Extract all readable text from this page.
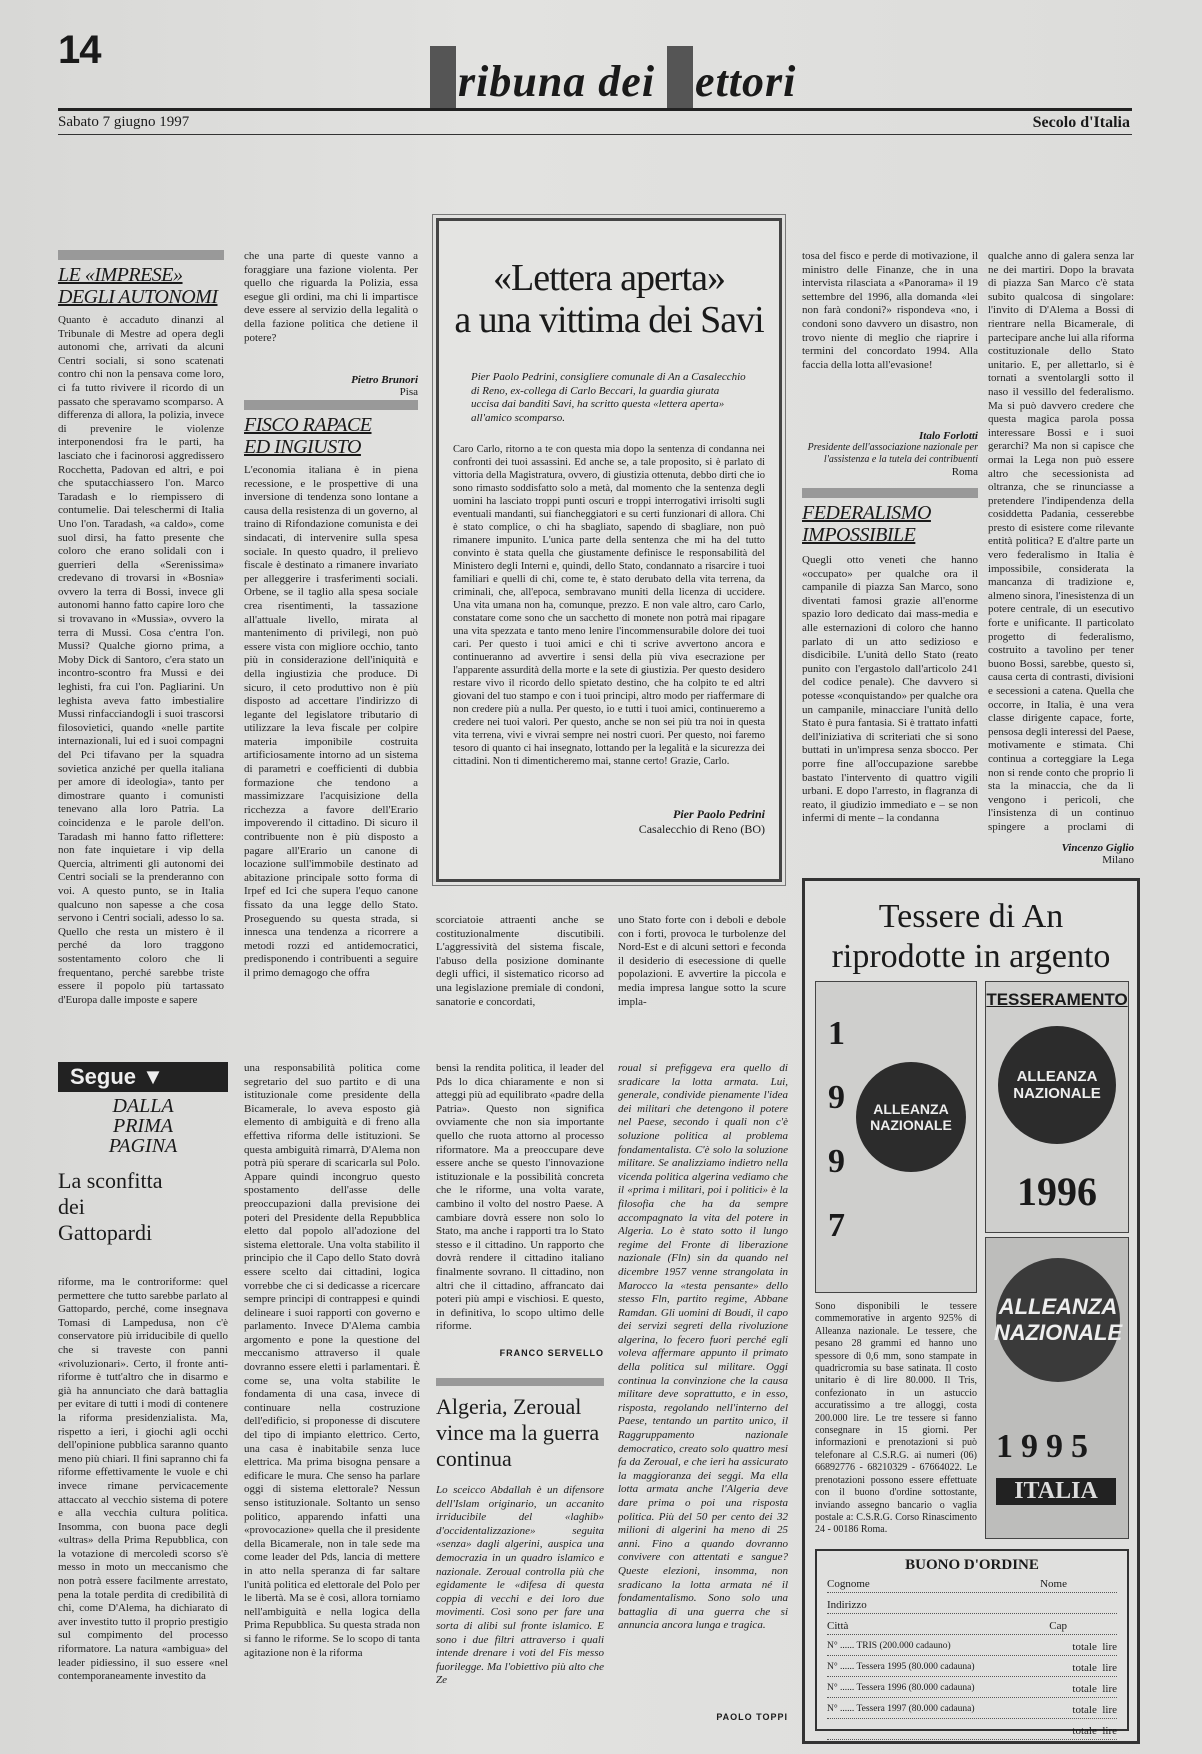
14
ribuna dei ettori
Sabato 7 giugno 1997	Secolo d'Italia
LE «IMPRESE»
DEGLI AUTONOMI
Quanto è accaduto dinanzi al Tribunale di Mestre ad opera degli autonomi che, arrivati da alcuni Centri sociali, si sono scatenati contro chi non la pensava come loro, ci fa tutto rivivere il ricordo di un passato che speravamo scomparso. A differenza di allora, la polizia, invece di prevenire le violenze interponendosi fra le parti, ha lasciato che i facinorosi aggredissero Rocchetta, Padovan ed altri, e poi che sputacchiassero l'on. Marco Taradash e lo riempissero di contumelie. Dai teleschermi di Italia Uno l'on. Taradash, «a caldo», come suol dirsi, ha fatto presente che coloro che erano solidali con i guerrieri della «Serenissima» credevano di trovarsi in «Bosnia» ovvero la terra di Bossi, invece gli autonomi hanno fatto capire loro che si trovavano in «Mussia», ovvero la terra di Mussi. Cosa c'entra l'on. Mussi? Qualche giorno prima, a Moby Dick di Santoro, c'era stato un incontro-scontro fra Mussi e dei leghisti, fra cui l'on. Pagliarini. Un leghista aveva fatto imbestialire Mussi rinfacciandogli i suoi trascorsi filosovietici, quando «nelle partite internazionali, lui ed i suoi compagni del Pci tifavano per la squadra sovietica anziché per quella italiana per amore di ideologia», tanto per dimostrare quanto i comunisti tenevano alla loro Patria. La coincidenza e le parole dell'on. Taradash mi hanno fatto riflettere: non fate inquietare i vip della Quercia, altrimenti gli autonomi dei Centri sociali se la prenderanno con voi. A questo punto, se in Italia qualcuno non sapesse a che cosa servono i Centri sociali, adesso lo sa. Quello che resta un mistero è il perché da loro traggono sostentamento coloro che li frequentano, perché sarebbe triste essere il popolo più tartassato d'Europa dalle imposte e sapere
che una parte di queste vanno a foraggiare una fazione violenta. Per quello che riguarda la Polizia, essa esegue gli ordini, ma chi li impartisce deve essere al servizio della legalità o della fazione politica che detiene il potere?
Pietro Brunori
Pisa
FISCO RAPACE
ED INGIUSTO
L'economia italiana è in piena recessione, e le prospettive di una inversione di tendenza sono lontane a causa della resistenza di un governo, al traino di Rifondazione comunista e dei sindacati, di intervenire sulla spesa sociale. In questo quadro, il prelievo fiscale è destinato a rimanere invariato per alleggerire i trasferimenti sociali. Orbene, se il taglio alla spesa sociale crea risentimenti, la tassazione all'attuale livello, mirata al mantenimento di privilegi, non può essere vista con migliore occhio, tanto più in considerazione dell'iniquità e della ingiustizia che produce. Di sicuro, il ceto produttivo non è più disposto ad accettare l'indirizzo di legante del legislatore tributario di utilizzare la leva fiscale per colpire materia imponibile costruita artificiosamente intorno ad un sistema di parametri e coefficienti di dubbia formazione che tendono a massimizzare l'acquisizione della ricchezza a favore dell'Erario impoverendo il cittadino. Di sicuro il contribuente non è più disposto a pagare all'Erario un canone di locazione sull'immobile destinato ad abitazione principale sotto forma di Irpef ed Ici che supera l'equo canone fissato da una legge dello Stato. Proseguendo su questa strada, si innesca una tendenza a ricorrere a metodi rozzi ed antidemocratici, predisponendo i contribuenti a seguire il primo demagogo che offra
«Lettera aperta»
a una vittima dei Savi
Pier Paolo Pedrini, consigliere comunale di An a Casalecchio di Reno, ex-collega di Carlo Beccari, la guardia giurata uccisa dai banditi Savi, ha scritto questa «lettera aperta» all'amico scomparso.
Caro Carlo, ritorno a te con questa mia dopo la sentenza di condanna nei confronti dei tuoi assassini. Ed anche se, a tale proposito, si è parlato di vittoria della Magistratura, ovvero, di giustizia ottenuta, debbo dirti che io sono rimasto soddisfatto solo a metà, dal momento che la sentenza degli uomini ha lasciato troppi punti oscuri e troppi interrogativi irrisolti sugli eventuali mandanti, sui fiancheggiatori e su certi funzionari di allora. Chi è stato complice, o chi ha sbagliato, sapendo di sbagliare, non può rimanere impunito. L'unica parte della sentenza che mi ha del tutto convinto è stata quella che giustamente definisce le responsabilità del Ministero degli Interni e, quindi, dello Stato, condannato a risarcire i tuoi familiari e quelli di chi, come te, è stato derubato della vita terrena, da criminali, che, all'epoca, sembravano muniti della licenza di uccidere. Una vita umana non ha, comunque, prezzo. E non vale altro, caro Carlo, constatare come sono che un sacchetto di monete non potrà mai ripagare una vita spezzata e tanto meno lenire l'incommensurabile dolore dei tuoi cari. Per questo i tuoi amici e chi ti scrive avvertono ancora e continueranno ad avvertire i sensi della più viva esecrazione per l'apparente assurdità della morte e la sete di giustizia. Per questo desidero restare vivo il ricordo dello spietato destino, che ha colpito te ed altri giovani del tuo stampo e con i tuoi principi, altro modo per riaffermare di non credere più a nulla. Per questo, io e tutti i tuoi amici, continueremo a credere nei tuoi valori. Per questo, anche se non sei più tra noi in questa vita terrena, vivi e vivrai sempre nei nostri cuori. Per questo, noi faremo tesoro di quanto ci hai insegnato, lottando per la legalità e la sicurezza dei cittadini. Non ti dimenticheremo mai, stanne certo! Grazie, Carlo.
Pier Paolo Pedrini
Casalecchio di Reno (BO)
scorciatoie attraenti anche se costituzionalmente discutibili. L'aggressività del sistema fiscale, l'abuso della posizione dominante degli uffici, il sistematico ricorso ad una legislazione premiale di condoni, sanatorie e concordati,
uno Stato forte con i deboli e debole con i forti, provoca le turbolenze del Nord-Est e di alcuni settori e feconda il desiderio di esecessione di quelle popolazioni. E avvertire la piccola e media impresa langue sotto la scure impla-
tosa del fisco e perde di motivazione, il ministro delle Finanze, che in una intervista rilasciata a «Panorama» il 19 settembre del 1996, alla domanda «lei non farà condoni?» rispondeva «no, i condoni sono davvero un disastro, non trovo niente di meglio che riaprire i termini del concordato 1994. Alla faccia della lotta all'evasione!
Italo Forlotti
Presidente dell'associazione nazionale per l'assistenza e la tutela dei contribuenti
Roma
FEDERALISMO
IMPOSSIBILE
Quegli otto veneti che hanno «occupato» per qualche ora il campanile di piazza San Marco, sono diventati famosi grazie all'enorme spazio loro dedicato dai mass-media e alle esternazioni di coloro che hanno parlato di un atto sedizioso e disdicibile. L'unità dello Stato (reato punito con l'ergastolo dall'articolo 241 del codice penale). Che davvero si potesse «conquistando» per qualche ora un campanile, minacciare l'unità dello Stato è pura fantasia. Si è trattato infatti dell'iniziativa di scriteriati che si sono buttati in un'impresa senza sbocco. Per porre fine all'occupazione sarebbe bastato l'intervento di quattro vigili urbani. E dopo l'arresto, in flagranza di reato, il giudizio immediato e – se non infermi di mente – la condanna
qualche anno di galera senza lar ne dei martiri. Dopo la bravata di piazza San Marco c'è stata subito qualcosa di singolare: l'invito di D'Alema a Bossi di rientrare nella Bicamerale, di partecipare anche lui alla riforma costituzionale dello Stato unitario. E, per allettarlo, si è tornati a sventolargli sotto il naso il vessillo del federalismo. Ma si può davvero credere che questa magica parola possa interessare Bossi e i suoi gerarchi? Ma non si capisce che ormai la Lega non può essere altro che secessionista ad oltranza, che se rinunciasse a pretendere l'indipendenza della cosiddetta Padania, cesserebbe presto di esistere come rilevante entità politica? E d'altre parte un vero federalismo in Italia è impossibile, considerata la mancanza di tradizione e, almeno sinora, l'inesistenza di un potere centrale, di un esecutivo forte e unificante. Il particolato progetto di federalismo, costruito a tavolino per tener buono Bossi, sarebbe, questo sì, causa certa di contrasti, divisioni e secessioni a catena. Quella che occorre, in Italia, è una vera classe dirigente capace, forte, pensosa degli interessi del Paese, motivamente e stimata. Chi continua a corteggiare la Lega non si rende conto che proprio lì sta la minaccia, che da lì vengono i pericoli, che l'insistenza di un continuo spingere a proclami di
Vincenzo Giglio
Milano
Tessere di An
riprodotte in argento
ALLEANZA
NAZIONALE
1
9
9
7
TESSERAMENTO
ALLEANZA
NAZIONALE
1996
ALLEANZA
NAZIONALE
1995
ITALIA
Sono disponibili le tessere commemorative in argento 925% di Alleanza nazionale. Le tessere, che pesano 28 grammi ed hanno uno spessore di 0,6 mm, sono stampate in quadricromia su base satinata. Il costo unitario è di lire 80.000. Il Tris, confezionato in un astuccio accuratissimo a tre alloggi, costa 200.000 lire. Le tre tessere si fanno consegnare in 15 giorni. Per informazioni e prenotazioni si può telefonare al C.S.R.G. ai numeri (06) 66892776 - 68210329 - 67664022. Le prenotazioni possono essere effettuate con il buono d'ordine sottostante, inviando assegno bancario o vaglia postale a: C.S.R.G. Corso Rinascimento 24 - 00186 Roma.
BUONO D'ORDINE
Cognome	Nome
Indirizzo
Città	Cap
N° ...... TRIS (200.000 cadauno)	totale lire
N° ...... Tessera 1995 (80.000 cadauna)	totale lire
N° ...... Tessera 1996 (80.000 cadauna)	totale lire
N° ...... Tessera 1997 (80.000 cadauna)	totale lire
totale lire
Segue ▼
DALLA
PRIMA
PAGINA
La sconfitta
dei
Gattopardi
riforme, ma le controriforme: quel permettere che tutto sarebbe parlato al Gattopardo, perché, come insegnava Tomasi di Lampedusa, non c'è conservatore più irriducibile di quello che si traveste con panni «rivoluzionari». Certo, il fronte anti-riforme è tutt'altro che in disarmo e già ha annunciato che darà battaglia per evitare di tutti i modi di contenere la riforma presidenzialista. Ma, rispetto a ieri, i giochi agli occhi dell'opinione pubblica saranno quanto meno più chiari. Il fini sapranno chi fa riforme effettivamente le vuole e chi invece rimane pervicacemente attaccato al vecchio sistema di potere e alla vecchia cultura politica. Insomma, con buona pace degli «ultras» della Prima Repubblica, con la votazione di mercoledì scorso s'è messo in moto un meccanismo che non potrà essere facilmente arrestato, pena la totale perdita di credibilità di chi, come D'Alema, ha dichiarato di aver investito tutto il proprio prestigio sul compimento del processo riformatore. La natura «ambigua» del leader pidiessino, il suo essere «nel contemporaneamente investito da
una responsabilità politica come segretario del suo partito e di una istituzionale come presidente della Bicamerale, lo aveva esposto già elemento di ambiguità e di freno alla effettiva riforma delle istituzioni. Se questa ambiguità rimarrà, D'Alema non potrà più sperare di scaricarla sul Polo. Appare quindi incongruo questo spostamento dell'asse delle preoccupazioni dalla previsione dei poteri del Presidente della Repubblica eletto dal popolo all'adozione del sistema elettorale. Una volta stabilito il principio che il Capo dello Stato dovrà essere scelto dai cittadini, logica vorrebbe che ci si dedicasse a ricercare sempre principi di contrappesi e quindi delineare i suoi rapporti con governo e parlamento. Invece D'Alema cambia argomento e pone la questione del meccanismo attraverso il quale dovranno essere eletti i parlamentari. È come se, una volta stabilite le fondamenta di una casa, invece di continuare nella costruzione dell'edificio, si proponesse di discutere del tipo di impianto elettrico. Certo, una casa è inabitabile senza luce elettrica. Ma prima bisogna pensare a edificare le mura. Che senso ha parlare oggi di sistema elettorale? Nessun senso istituzionale. Soltanto un senso politico, apparendo infatti una «provocazione» quella che il presidente della Bicamerale, non in tale sede ma come leader del Pds, lancia di mettere in atto nella speranza di far saltare l'unità politica ed elettorale del Polo per le libertà. Ma se è così, allora torniamo nell'ambiguità e nella logica della Prima Repubblica. Su questa strada non si fanno le riforme. Se lo scopo di tanta agitazione non è la riforma
bensì la rendita politica, il leader del Pds lo dica chiaramente e non si atteggi più ad equilibrato «padre della Patria». Questo non significa ovviamente che non sia importante quello che ruota attorno al processo riformatore. Ma a preoccupare deve essere anche se questo l'innovazione istituzionale e la possibilità concreta che le riforme, una volta varate, cambino il volto del nostro Paese. A cambiare dovrà essere non solo lo Stato, ma anche i rapporti tra lo Stato stesso e il cittadino. Un rapporto che dovrà rendere il cittadino italiano finalmente sovrano. Il cittadino, non altri che il cittadino, affrancato dai poteri più ampi e vischiosi. E questo, in definitiva, lo scopo ultimo delle riforme.
FRANCO SERVELLO
Algeria, Zeroual
vince ma la guerra
continua
Lo sceicco Abdallah è un difensore dell'Islam originario, un accanito irriducibile del «laghib» d'occidentalizzazione» seguita «senza» dagli algerini, auspica una democrazia in un quadro islamico e nazionale. Zeroual controlla più che egidamente le «difesa di questa coppia di vecchi e dei loro due movimenti. Così sono per fare una sorta di alibi sul fronte islamico. E sono i due filtri attraverso i quali intende drenare i voti del Fis messo fuorilegge. Ma l'obiettivo più alto che Ze
roual si prefiggeva era quello di sradicare la lotta armata. Lui, generale, condivide pienamente l'idea dei militari che detengono il potere nel Paese, secondo i quali non c'è soluzione politica al problema fondamentalista. C'è solo la soluzione militare. Se analizziamo indietro nella vicenda politica algerina vediamo che il «prima i militari, poi i politici» è la filosofia che ha da sempre accompagnato la vita del potere in Algeria. Lo è stato sotto il lungo regime del Fronte di liberazione nazionale (Fln) sin da quando nel dicembre 1957 venne strangolata in Marocco la «testa pensante» dello stesso Fln, partito regime, Abbane Ramdan. Gli uomini di Boudi, il capo dei servizi segreti della rivoluzione algerina, lo fecero fuori perché egli voleva affermare appunto il primato della politica sul militare. Oggi continua la convinzione che la causa militare deve soprattutto, e in esso, risposta, regolando nell'interno del Paese, tentando un partito unico, il Raggruppamento nazionale democratico, creato solo quattro mesi fa da Zeroual, e che ieri ha assicurato la maggioranza dei seggi. Ma ella lotta armata anche l'Algeria deve dare prima o poi una risposta politica. Più del 50 per cento dei 32 milioni di algerini ha meno di 25 anni. Fino a quando dovranno convivere con attentati e sangue? Queste elezioni, insomma, non sradicano la lotta armata né il fondamentalismo. Sono solo una battaglia di una guerra che si annuncia ancora lunga e tragica.
PAOLO TOPPI
